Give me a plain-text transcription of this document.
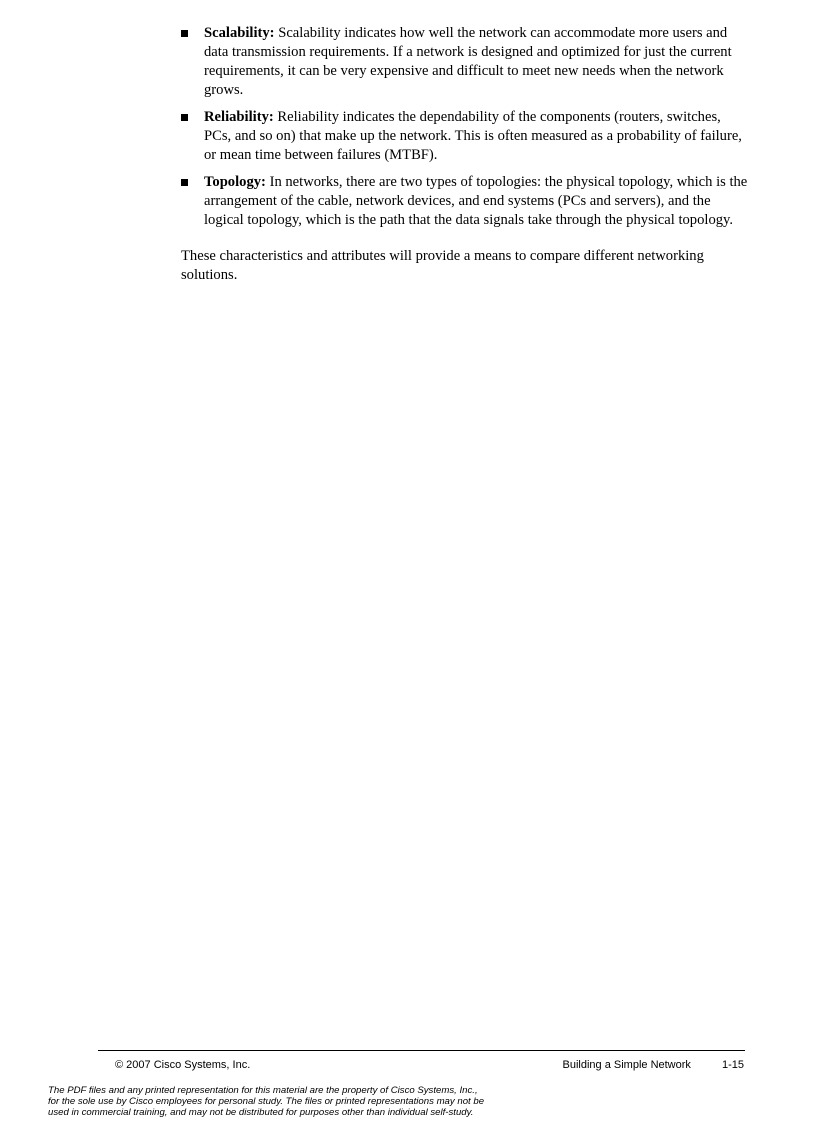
Scalability: Scalability indicates how well the network can accommodate more users and data transmission requirements. If a network is designed and optimized for just the current requirements, it can be very expensive and difficult to meet new needs when the network grows.
Reliability: Reliability indicates the dependability of the components (routers, switches, PCs, and so on) that make up the network. This is often measured as a probability of failure, or mean time between failures (MTBF).
Topology: In networks, there are two types of topologies: the physical topology, which is the arrangement of the cable, network devices, and end systems (PCs and servers), and the logical topology, which is the path that the data signals take through the physical topology.

These characteristics and attributes will provide a means to compare different networking solutions.

© 2007 Cisco Systems, Inc.	Building a Simple Network	1-15
The PDF files and any printed representation for this material are the property of Cisco Systems, Inc.,
for the sole use by Cisco employees for personal study. The files or printed representations may not be
used in commercial training, and may not be distributed for purposes other than individual self-study.
